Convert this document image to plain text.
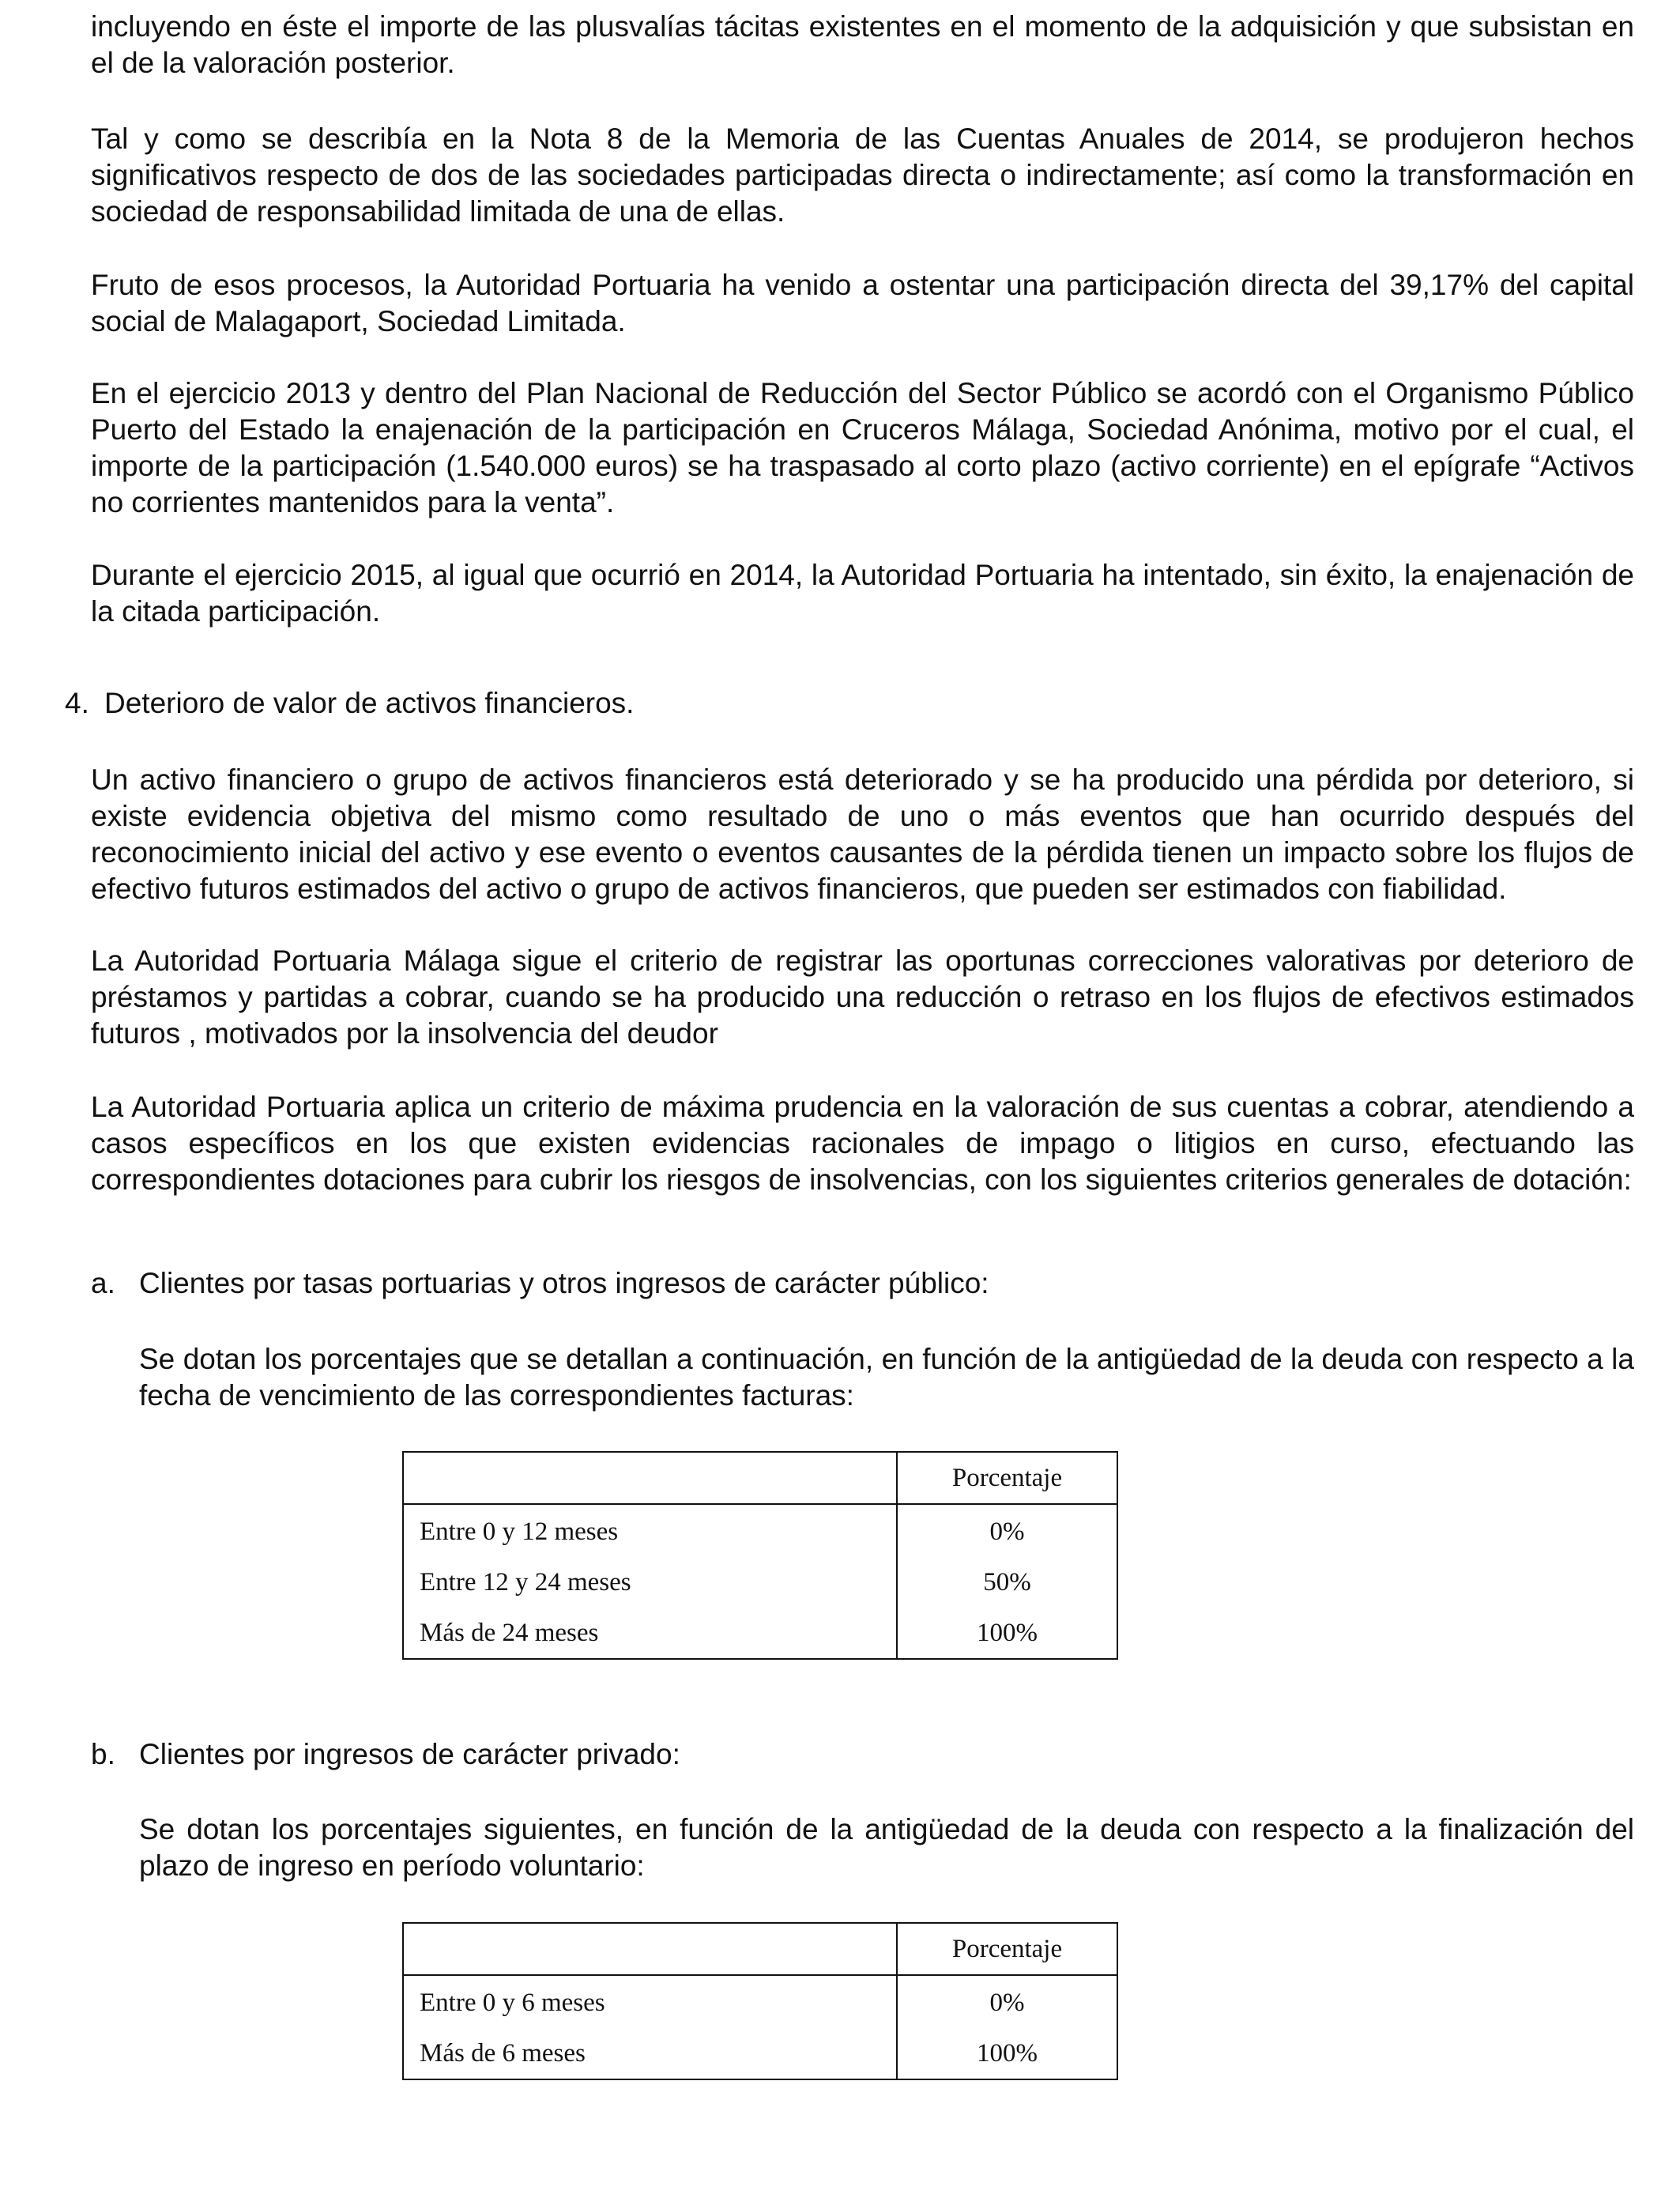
incluyendo en éste el importe de las plusvalías tácitas existentes en el momento de la adquisición y que subsistan en el de la valoración posterior.

Tal y como se describía en la Nota 8 de la Memoria de las Cuentas Anuales de 2014, se produjeron hechos significativos respecto de dos de las sociedades participadas directa o indirectamente; así como la transformación en sociedad de responsabilidad limitada de una de ellas.

Fruto de esos procesos, la Autoridad Portuaria ha venido a ostentar una participación directa del 39,17% del capital social de Malagaport, Sociedad Limitada.

En el ejercicio 2013 y dentro del Plan Nacional de Reducción del Sector Público se acordó con el Organismo Público Puerto del Estado la enajenación de la participación en Cruceros Málaga, Sociedad Anónima, motivo por el cual, el importe de la participación (1.540.000 euros) se ha traspasado al corto plazo (activo corriente) en el epígrafe “Activos no corrientes mantenidos para la venta”.

Durante el ejercicio 2015, al igual que ocurrió en 2014, la Autoridad Portuaria ha intentado, sin éxito, la enajenación de la citada participación.

4. Deterioro de valor de activos financieros.

Un activo financiero o grupo de activos financieros está deteriorado y se ha producido una pérdida por deterioro, si existe evidencia objetiva del mismo como resultado de uno o más eventos que han ocurrido después del reconocimiento inicial del activo y ese evento o eventos causantes de la pérdida tienen un impacto sobre los flujos de efectivo futuros estimados del activo o grupo de activos financieros, que pueden ser estimados con fiabilidad.

La Autoridad Portuaria Málaga sigue el criterio de registrar las oportunas correcciones valorativas por deterioro de préstamos y partidas a cobrar, cuando se ha producido una reducción o retraso en los flujos de efectivos estimados futuros , motivados por la insolvencia del deudor

La Autoridad Portuaria aplica un criterio de máxima prudencia en la valoración de sus cuentas a cobrar, atendiendo a casos específicos en los que existen evidencias racionales de impago o litigios en curso, efectuando las correspondientes dotaciones para cubrir los riesgos de insolvencias, con los siguientes criterios generales de dotación:

a. Clientes por tasas portuarias y otros ingresos de carácter público:

Se dotan los porcentajes que se detallan a continuación, en función de la antigüedad de la deuda con respecto a la fecha de vencimiento de las correspondientes facturas:

	Porcentaje
Entre 0 y 12 meses	0%
Entre 12 y 24 meses	50%
Más de 24 meses	100%

b. Clientes por ingresos de carácter privado:

Se dotan los porcentajes siguientes, en función de la antigüedad de la deuda con respecto a la finalización del plazo de ingreso en período voluntario:

	Porcentaje
Entre 0 y 6 meses	0%
Más de 6 meses	100%
